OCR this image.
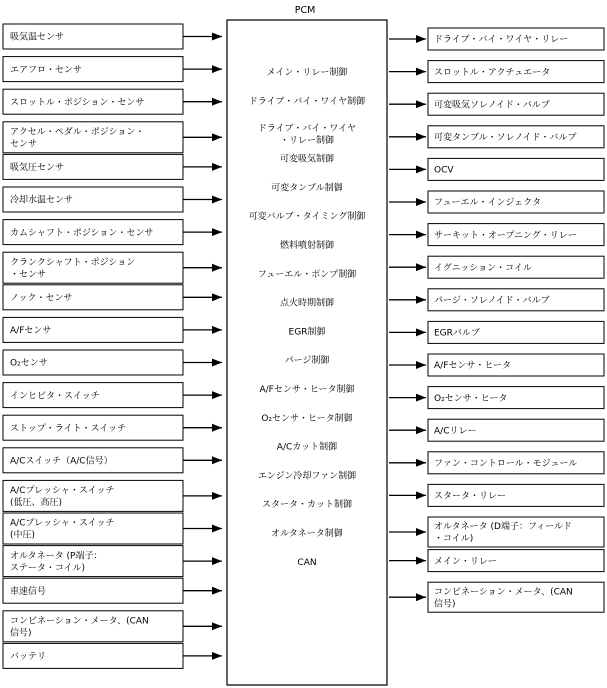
PCM
吸気温センサ
エアフロ・センサ
スロットル・ポジション・センサ
アクセル・ペダル・ポジション・
センサ
吸気圧センサ
冷却水温センサ
カムシャフト・ポジション・センサ
クランクシャフト・ポジション
・センサ
ノック・センサ
A/Fセンサ
O₂センサ
インヒビタ・スイッチ
ストップ・ライト・スイッチ
A/Cスイッチ（A/C信号）
A/Cプレッシャ・スイッチ
(低圧、高圧)
A/Cプレッシャ・スイッチ
(中圧)
オルタネータ (P端子：
ステータ・コイル)
車速信号
コンビネーション・メータ、(CAN
信号)
バッテリ
メイン・リレー制御
ドライブ・バイ・ワイヤ制御
ドライブ・バイ・ワイヤ
・リレー制御
可変吸気制御
可変タンブル制御
可変バルブ・タイミング制御
燃料噴射制御
フューエル・ポンプ制御
点火時期制御
EGR制御
パージ制御
A/Fセンサ・ヒータ制御
O₂センサ・ヒータ制御
A/Cカット制御
エンジン冷却ファン制御
スタータ・カット制御
オルタネータ制御
CAN
ドライブ・バイ・ワイヤ・リレー
スロットル・アクチュエータ
可変吸気ソレノイド・バルブ
可変タンブル・ソレノイド・バルブ
OCV
フューエル・インジェクタ
サーキット・オープニング・リレー
イグニッション・コイル
パージ・ソレノイド・バルブ
EGRバルブ
A/Fセンサ・ヒータ
O₂センサ・ヒータ
A/Cリレー
ファン・コントロール・モジュール
スタータ・リレー
オルタネータ (D端子：フィールド
・コイル)
メイン・リレー
コンビネーション・メータ、(CAN
信号)
